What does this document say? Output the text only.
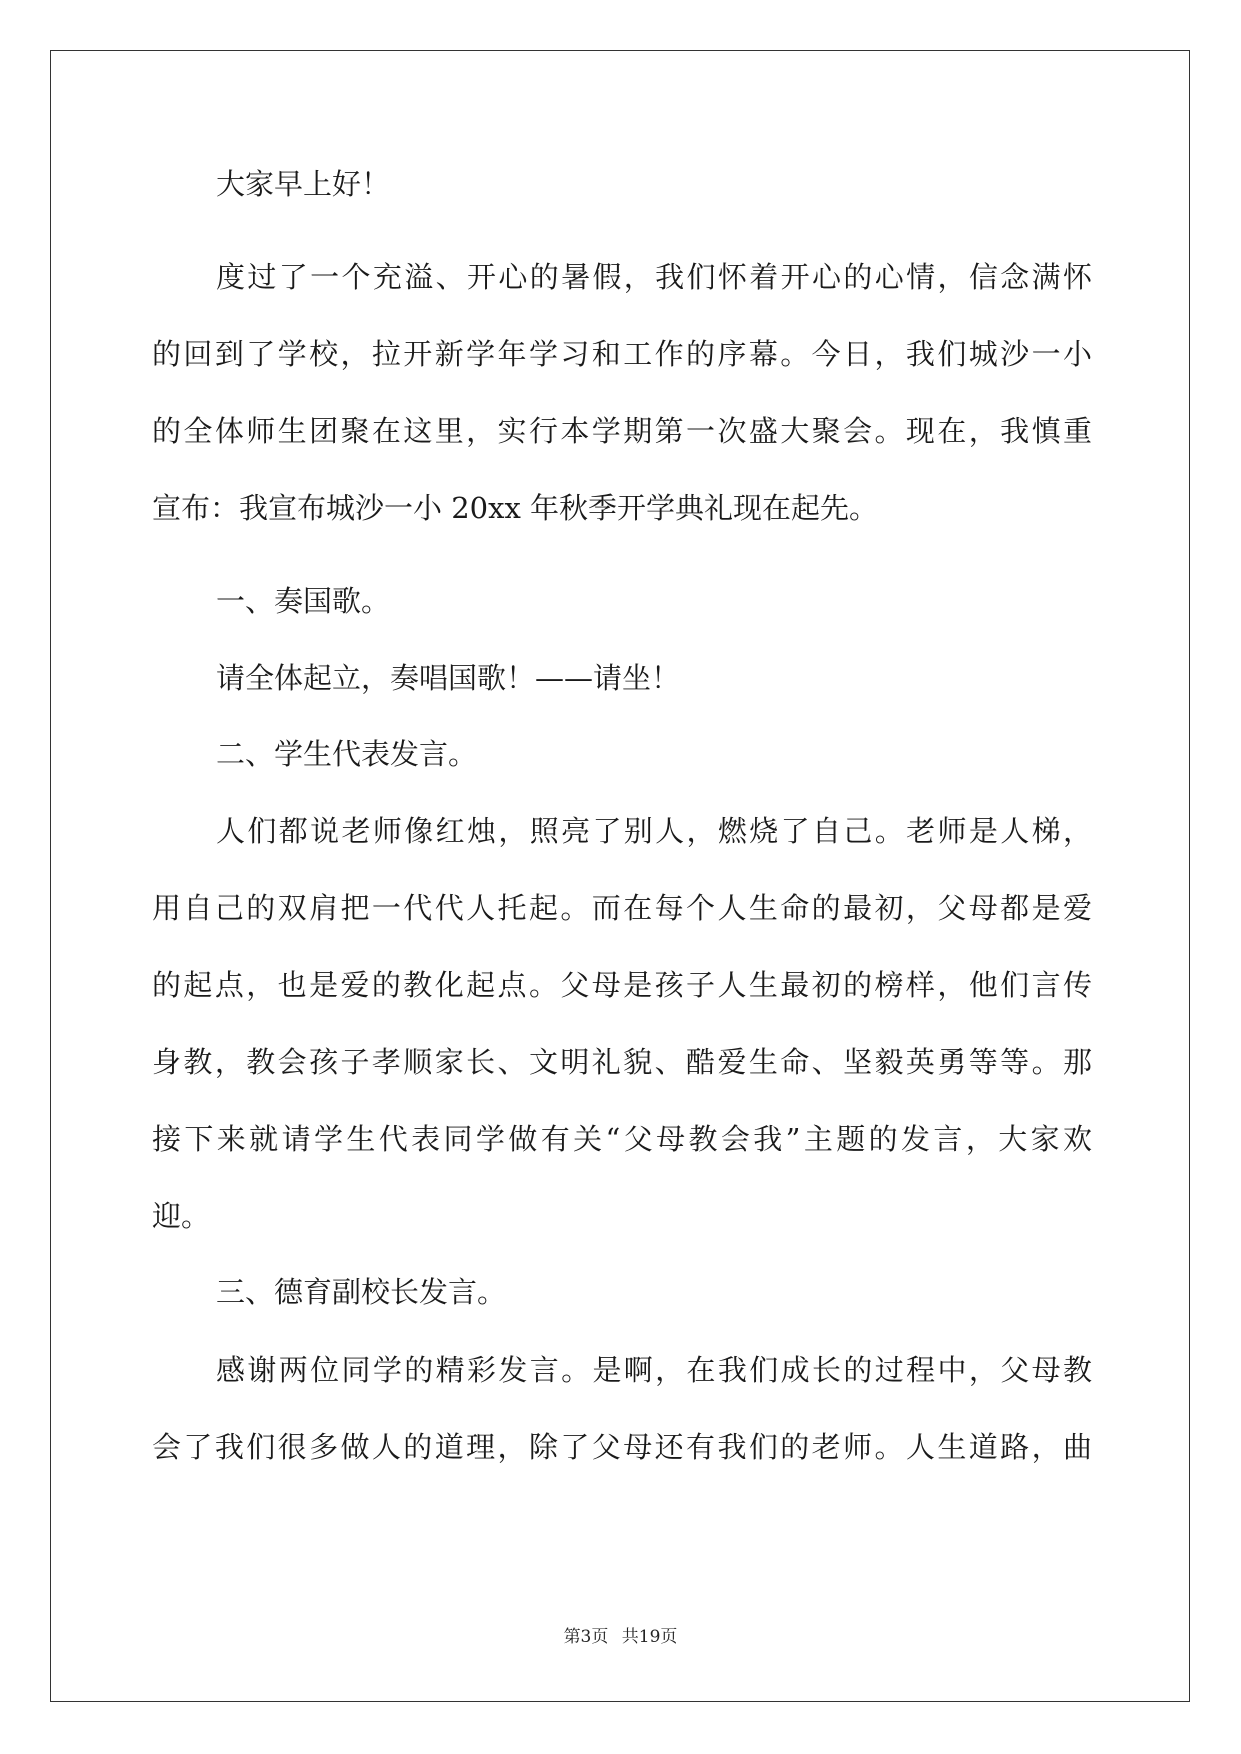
大家早上好！
度过了一个充溢、开心的暑假，我们怀着开心的心情，信念满怀
的回到了学校，拉开新学年学习和工作的序幕。今日，我们城沙一小
的全体师生团聚在这里，实行本学期第一次盛大聚会。现在，我慎重
宣布：我宣布城沙一小 20xx 年秋季开学典礼现在起先。
一、奏国歌。
请全体起立，奏唱国歌！——请坐！
二、学生代表发言。
人们都说老师像红烛，照亮了别人，燃烧了自己。老师是人梯，
用自己的双肩把一代代人托起。而在每个人生命的最初，父母都是爱
的起点，也是爱的教化起点。父母是孩子人生最初的榜样，他们言传
身教，教会孩子孝顺家长、文明礼貌、酷爱生命、坚毅英勇等等。那
接下来就请学生代表同学做有关“父母教会我”主题的发言，大家欢
迎。
三、德育副校长发言。
感谢两位同学的精彩发言。是啊，在我们成长的过程中，父母教
会了我们很多做人的道理，除了父母还有我们的老师。人生道路，曲
第3页 共19页
